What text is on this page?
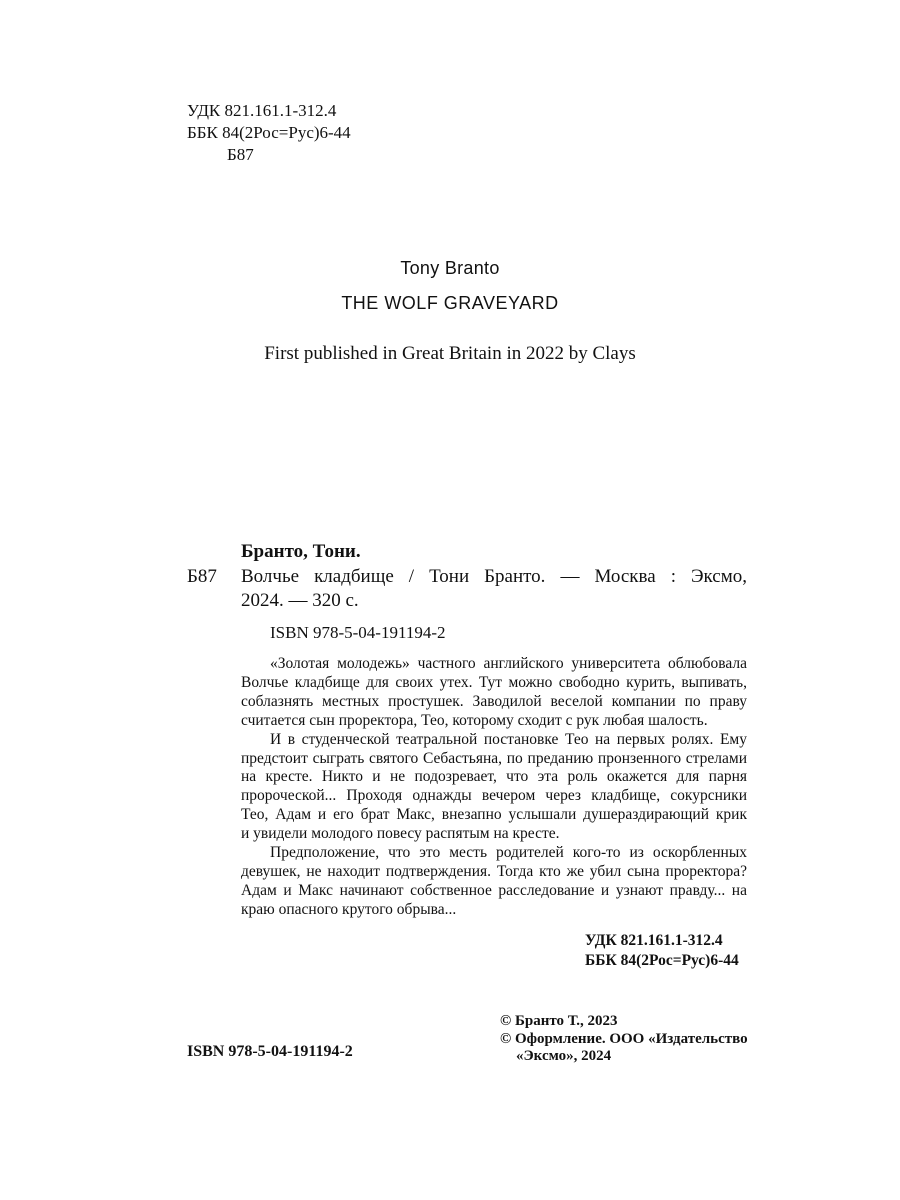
УДК 821.161.1-312.4
ББК 84(2Рос=Рус)6-44
Б87
Tony Branto
THE WOLF GRAVEYARD
First published in Great Britain in 2022 by Clays
Бранто, Тони.
Б87 Волчье кладбище / Тони Бранто. — Москва : Эксмо,
2024. — 320 с.
ISBN 978-5-04-191194-2
«Золотая молодежь» частного английского университета облюбовала
Волчье кладбище для своих утех. Тут можно свободно курить, выпивать,
соблазнять местных простушек. Заводилой веселой компании по праву
считается сын проректора, Тео, которому сходит с рук любая шалость.
И в студенческой театральной постановке Тео на первых ролях. Ему
предстоит сыграть святого Себастьяна, по преданию пронзенного стрелами
на кресте. Никто и не подозревает, что эта роль окажется для парня
пророческой... Проходя однажды вечером через кладбище, сокурсники
Тео, Адам и его брат Макс, внезапно услышали душераздирающий крик
и увидели молодого повесу распятым на кресте.
Предположение, что это месть родителей кого-то из оскорбленных
девушек, не находит подтверждения. Тогда кто же убил сына проректора?
Адам и Макс начинают собственное расследование и узнают правду... на
краю опасного крутого обрыва...
УДК 821.161.1-312.4
ББК 84(2Рос=Рус)6-44
© Бранто Т., 2023
© Оформление. ООО «Издательство
«Эксмо», 2024
ISBN 978-5-04-191194-2
